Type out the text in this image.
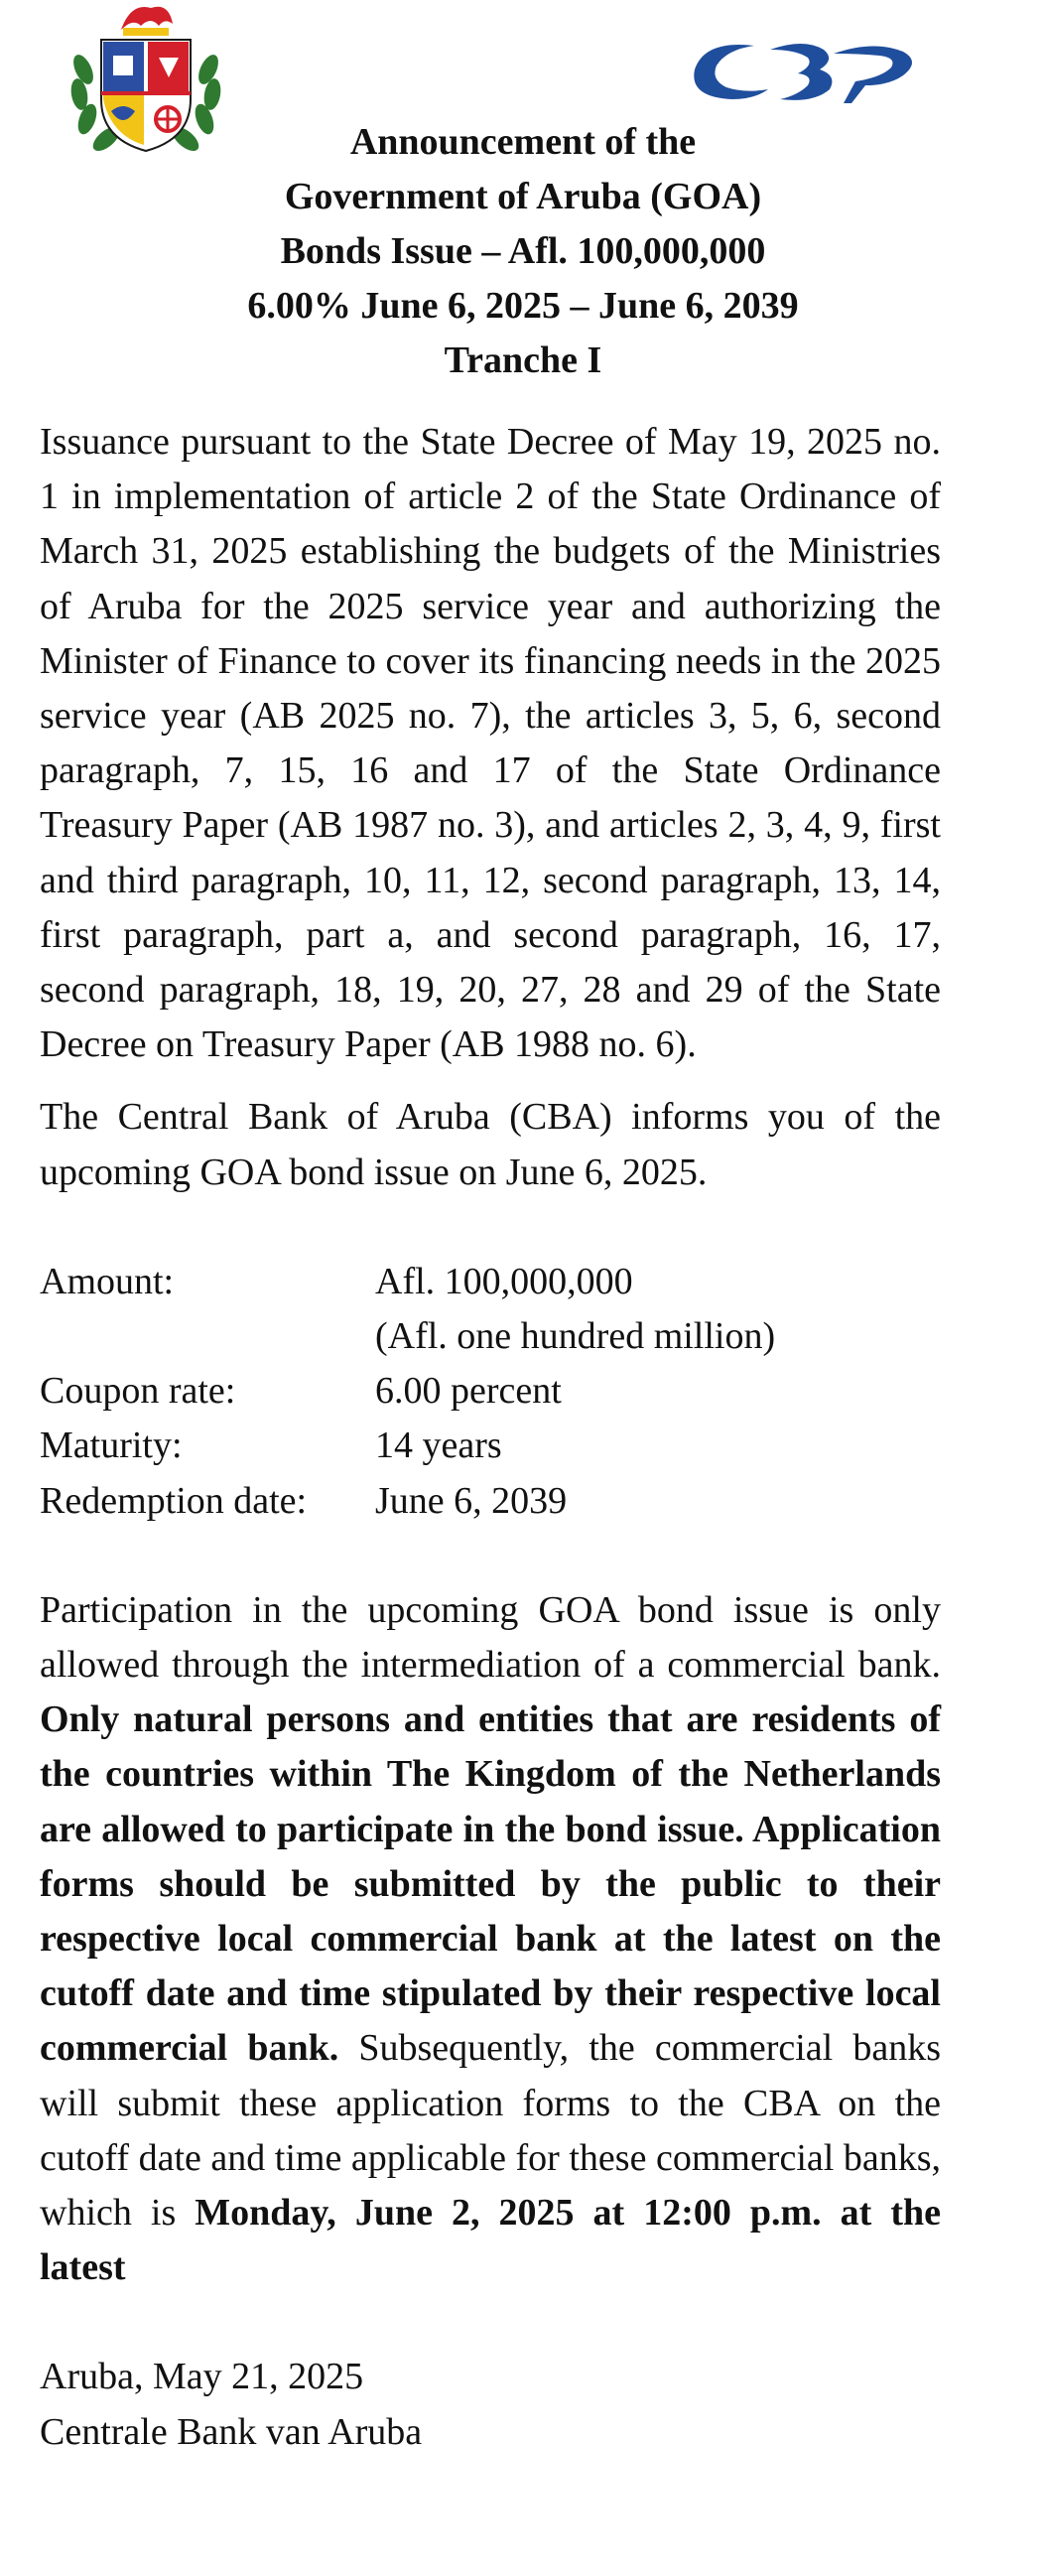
Announcement of the
Government of Aruba (GOA)
Bonds Issue – Afl. 100,000,000
6.00% June 6, 2025 – June 6, 2039
Tranche I

Issuance pursuant to the State Decree of May 19, 2025 no. 1 in implementation of article 2 of the State Ordinance of March 31, 2025 establishing the budgets of the Ministries of Aruba for the 2025 service year and authorizing the Minister of Finance to cover its financing needs in the 2025 service year (AB 2025 no. 7), the articles 3, 5, 6, second paragraph, 7, 15, 16 and 17 of the State Ordinance Treasury Paper (AB 1987 no. 3), and articles 2, 3, 4, 9, first and third paragraph, 10, 11, 12, second paragraph, 13, 14, first paragraph, part a, and second paragraph, 16, 17, second paragraph, 18, 19, 20, 27, 28 and 29 of the State Decree on Treasury Paper (AB 1988 no. 6).

The Central Bank of Aruba (CBA) informs you of the upcoming GOA bond issue on June 6, 2025.

Amount:	Afl. 100,000,000
(Afl. one hundred million)
Coupon rate:	6.00 percent
Maturity:	14 years
Redemption date:	June 6, 2039

Participation in the upcoming GOA bond issue is only allowed through the intermediation of a commercial bank. Only natural persons and entities that are residents of the countries within The Kingdom of the Netherlands are allowed to participate in the bond issue. Application forms should be submitted by the public to their respective local commercial bank at the latest on the cutoff date and time stipulated by their respective local commercial bank. Subsequently, the commercial banks will submit these application forms to the CBA on the cutoff date and time applicable for these commercial banks, which is Monday, June 2, 2025 at 12:00 p.m. at the latest

Aruba, May 21, 2025
Centrale Bank van Aruba
